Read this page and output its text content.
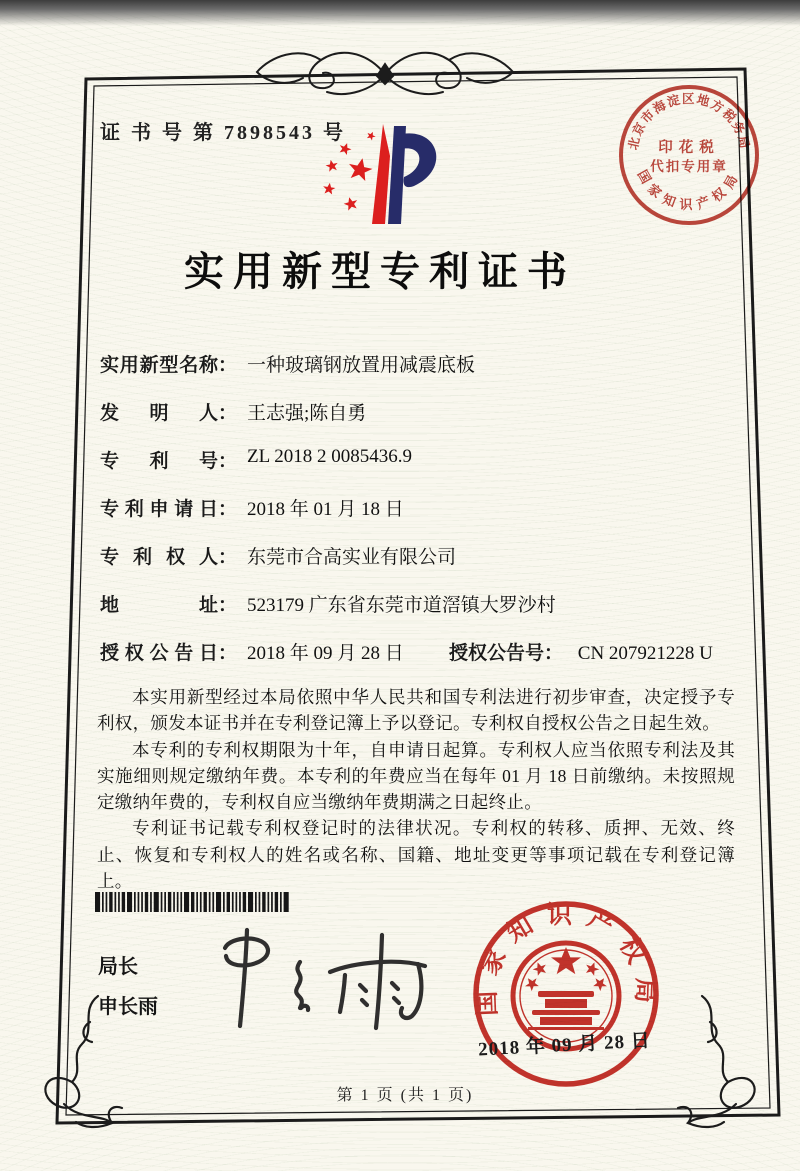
证 书 号 第 7898543 号
实用新型专利证书
实用新型名称 ： 一种玻璃钢放置用减震底板
发明人 ： 王志强;陈自勇
专利号 ： ZL 2018 2 0085436.9
专利申请日 ： 2018 年 01 月 18 日
专利权人 ： 东莞市合高实业有限公司
地址 ： 523179 广东省东莞市道滘镇大罗沙村
授权公告日 ： 2018 年 09 月 28 日 授权公告号： CN 207921228 U

本实用新型经过本局依照中华人民共和国专利法进行初步审查，决定授予专利权，颁发本证书并在专利登记簿上予以登记。专利权自授权公告之日起生效。

本专利的专利权期限为十年，自申请日起算。专利权人应当依照专利法及其实施细则规定缴纳年费。本专利的年费应当在每年 01 月 18 日前缴纳。未按照规定缴纳年费的，专利权自应当缴纳年费期满之日起终止。

专利证书记载专利权登记时的法律状况。专利权的转移、质押、无效、终止、恢复和专利权人的姓名或名称、国籍、地址变更等事项记载在专利登记簿上。

局长
申长雨	国家知识产权局
2018 年 09 月 28 日
第 1 页 (共 1 页)
北京市海淀区地方税务局
国家知识产权局
印花税
代扣专用章
